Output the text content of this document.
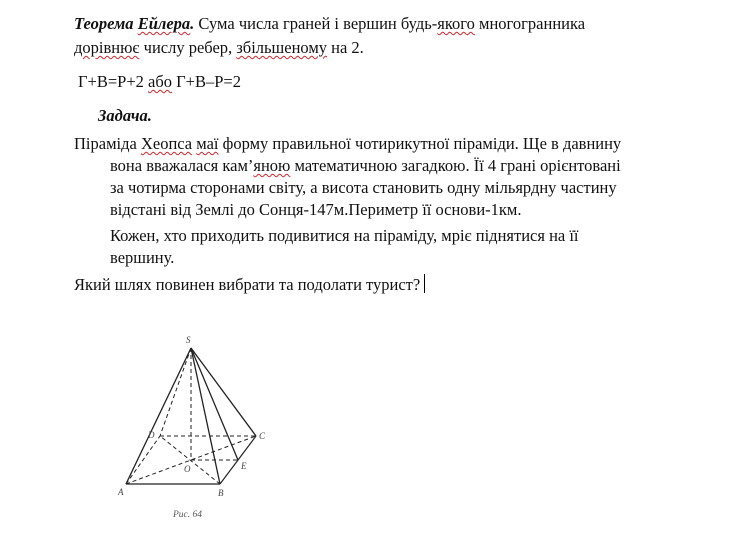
Теорема Ейлера. Сума числа граней і вершин будь-якого многогранника
дорівнює числу ребер, збільшеному на 2.
Г+В=Р+2 або Г+В–Р=2
Задача.
Піраміда Хеопса маї форму правильної чотирикутної піраміди. Ще в давнину
вона вважалася кам’яною математичною загадкою. Її 4 грані орієнтовані
за чотирма сторонами світу, а висота становить одну мільярдну частину
відстані від Землі до Сонця-147м.Периметр її основи-1км.
Кожен, хто приходить подивитися на піраміду, мріє піднятися на її
вершину.
Який шлях повинен вибрати та подолати турист?
S
A	B
C
D
O	E
Рис. 64
